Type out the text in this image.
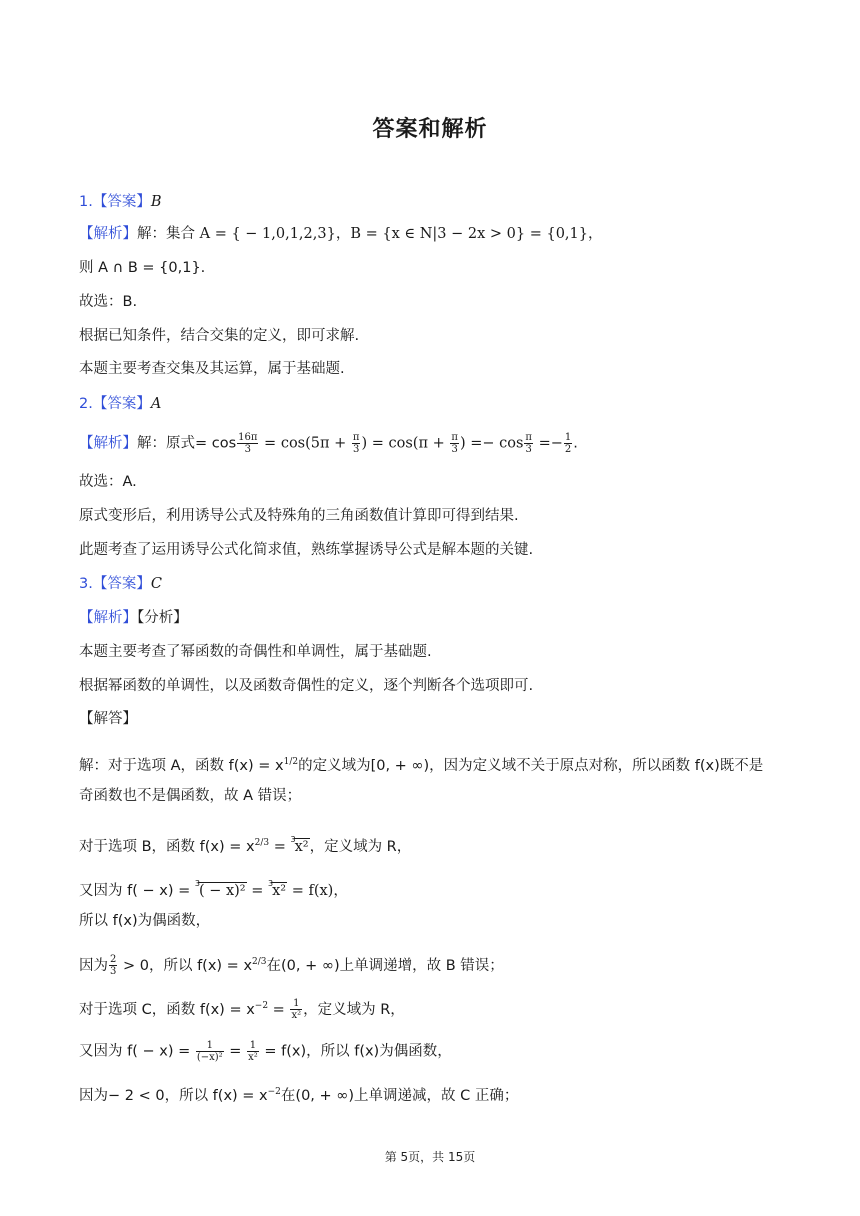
答案和解析
1.【答案】B
【解析】解：集合 A = { − 1,0,1,2,3}，B = {x ∈ N|3 − 2x > 0} = {0,1}，
则 A ∩ B = {0,1}.
故选：B.
根据已知条件，结合交集的定义，即可求解.
本题主要考查交集及其运算，属于基础题.
2.【答案】A
【解析】解：原式= $\cos \frac{16\pi}{3} = \cos(5\pi + \frac{\pi}{3}$ ) = $\cos(\pi + \frac{\pi}{3}$ ) =− $\cos \frac{\pi}{3} =- \frac{1}{2}$ .
故选：A.
原式变形后，利用诱导公式及特殊角的三角函数值计算即可得到结果.
此题考查了运用诱导公式化简求值，熟练掌握诱导公式是解本题的关键.
3.【答案】C
【解析】【分析】
本题主要考查了幂函数的奇偶性和单调性，属于基础题.
根据幂函数的单调性，以及函数奇偶性的定义，逐个判断各个选项即可.
【解答】
解：对于选项 A，函数 $f(x) = x^{1/2}$的定义域为[0, + ∞)，因为定义域不关于原点对称，所以函数 f(x)既不是
奇函数也不是偶函数，故 A 错误；
对于选项 B，函数 $f(x) = x^{2/3} = ^3x^2$，定义域为 R，
又因为 f( − x) = $^3$( − x)² = $^3$x² = f(x)，
所以 f(x)为偶函数，
因为 $\frac{2}{3} > 0$，所以 $f(x) = x^{2/3}$在(0, + ∞)上单调递增，故 B 错误；
对于选项 C，函数 $f(x) = x^{-2} = \frac{1}{\text{x²}}$ ，定义域为 R，
又因为 $f( - x) = \frac{1}{\text{(−x)²}} = \frac{1}{\text{x²}} = f(x)$，所以 f(x)为偶函数，
因为− 2 < 0，所以 $f(x) = x^{-2}$在(0, + ∞)上单调递减，故 C 正确；
第 5页，共 15页
